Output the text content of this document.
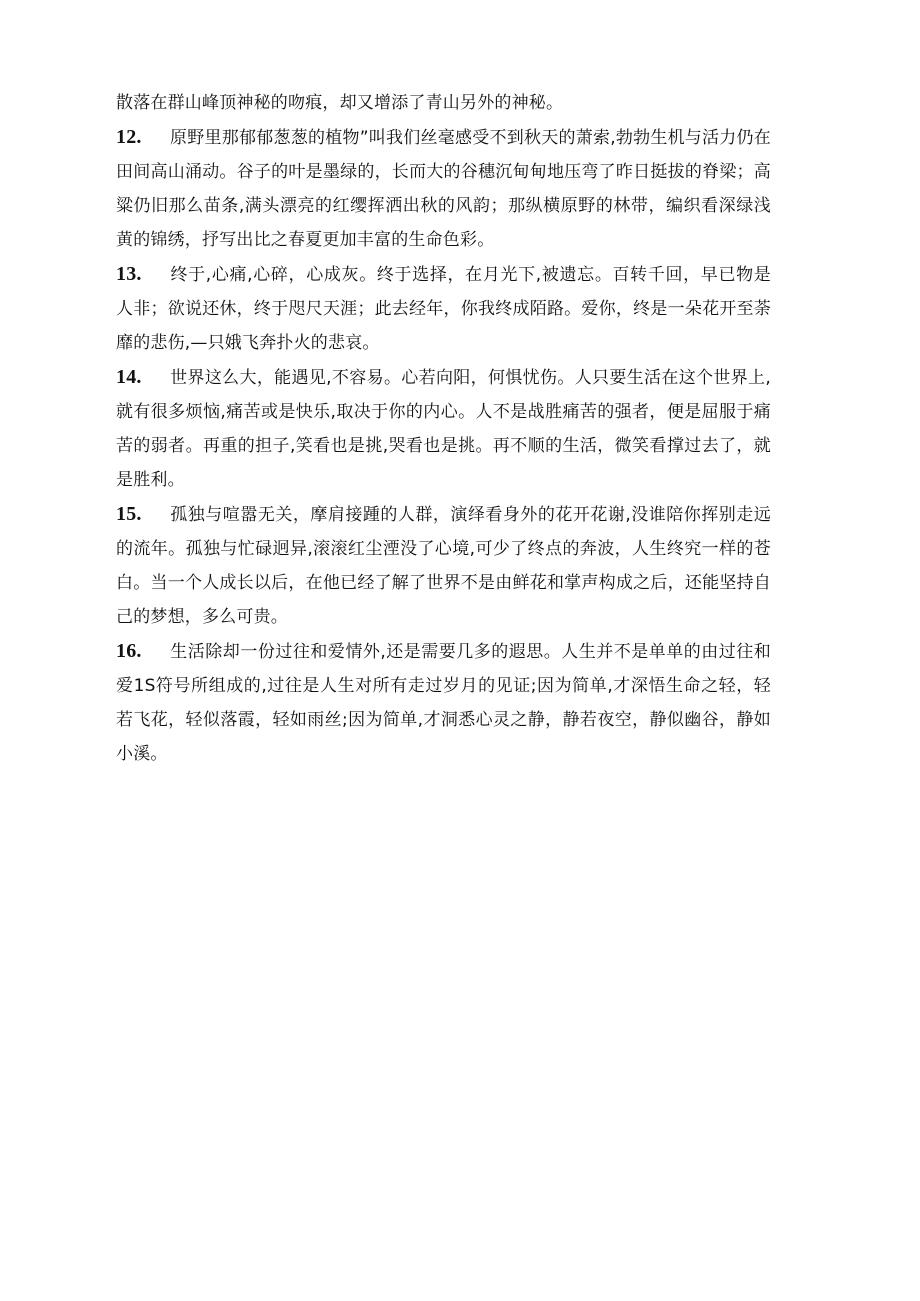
散落在群山峰顶神秘的吻痕，却又增添了青山另外的神秘。

12. 原野里那郁郁葱葱的植物”叫我们丝毫感受不到秋天的萧索,勃勃生机与活力仍在田间高山涌动。谷子的叶是墨绿的，长而大的谷穗沉甸甸地压弯了昨日挺拔的脊梁；高粱仍旧那么苗条,满头漂亮的红缨挥洒出秋的风韵；那纵横原野的林带，编织看深绿浅黄的锦绣，抒写出比之春夏更加丰富的生命色彩。

13. 终于,心痛,心碎，心成灰。终于选择，在月光下,被遗忘。百转千回，早已物是人非；欲说还休，终于咫尺天涯；此去经年，你我终成陌路。爱你，终是一朵花开至荼靡的悲伤,—只娥飞奔扑火的悲哀。

14. 世界这么大，能遇见,不容易。心若向阳，何惧忧伤。人只要生活在这个世界上,就有很多烦恼,痛苦或是快乐,取决于你的内心。人不是战胜痛苦的强者，便是屈服于痛苦的弱者。再重的担子,笑看也是挑,哭看也是挑。再不顺的生活，微笑看撑过去了，就是胜利。

15. 孤独与喧嚣无关，摩肩接踵的人群，演绎看身外的花开花谢,没谁陪你挥别走远的流年。孤独与忙碌迥异,滚滚红尘湮没了心境,可少了终点的奔波，人生终究一样的苍白。当一个人成长以后，在他已经了解了世界不是由鲜花和掌声构成之后，还能坚持自己的梦想，多么可贵。

16. 生活除却一份过往和爱情外,还是需要几多的遐思。人生并不是单单的由过往和爱1S符号所组成的,过往是人生对所有走过岁月的见证;因为简单,才深悟生命之轻，轻若飞花，轻似落霞，轻如雨丝;因为简单,才洞悉心灵之静，静若夜空，静似幽谷，静如小溪。
